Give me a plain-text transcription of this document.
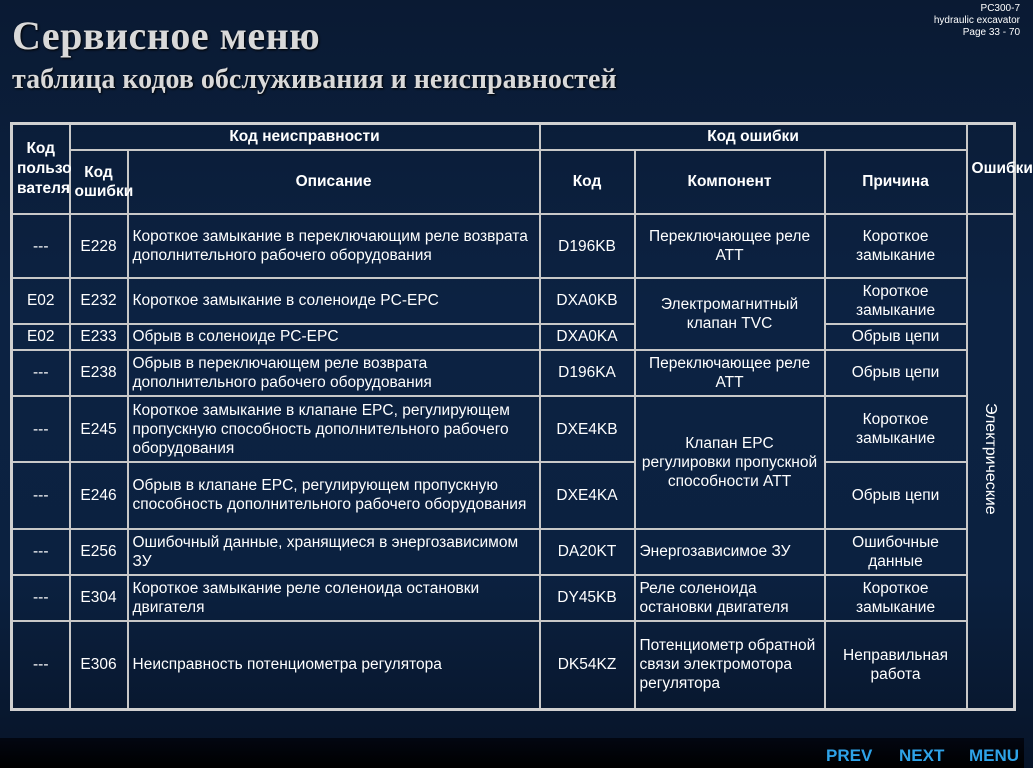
Сервисное меню
таблица кодов обслуживания и неисправностей
PC300-7
hydraulic excavator
Page 33 - 70
Код пользо вателя	Код неисправности		Код ошибки			Ошибки
	Код ошибки	Описание	Код	Компонент	Причина	
---	E228	Короткое замыкание в переключающим реле возврата дополнительного рабочего оборудования	D196KB	Переключающее реле ATT	Короткое замыкание	Электрические
E02	E232	Короткое замыкание в соленоиде PC-EPC	DXA0KB	Электромагнитный клапан TVC	Короткое замыкание	
E02	E233	Обрыв в соленоиде PC-EPC	DXA0KA		Обрыв цепи	
---	E238	Обрыв в переключающем реле возврата дополнительного рабочего оборудования	D196KA	Переключающее реле ATT	Обрыв цепи	
---	E245	Короткое замыкание в клапане EPC, регулирующем пропускную способность дополнительного рабочего оборудования	DXE4KB	Клапан EPC регулировки пропускной способности ATT	Короткое замыкание	
---	E246	Обрыв в клапане EPC, регулирующем пропускную способность дополнительного рабочего оборудования	DXE4KA		Обрыв цепи	
---	E256	Ошибочный данные, хранящиеся в энергозависимом ЗУ	DA20KT	Энергозависимое ЗУ	Ошибочные данные	
---	E304	Короткое замыкание реле соленоида остановки двигателя	DY45KB	Реле соленоида остановки двигателя	Короткое замыкание	
---	E306	Неисправность потенциометра регулятора	DK54KZ	Потенциометр обратной связи электромотора регулятора	Неправильная работа	
PREV NEXT MENU
